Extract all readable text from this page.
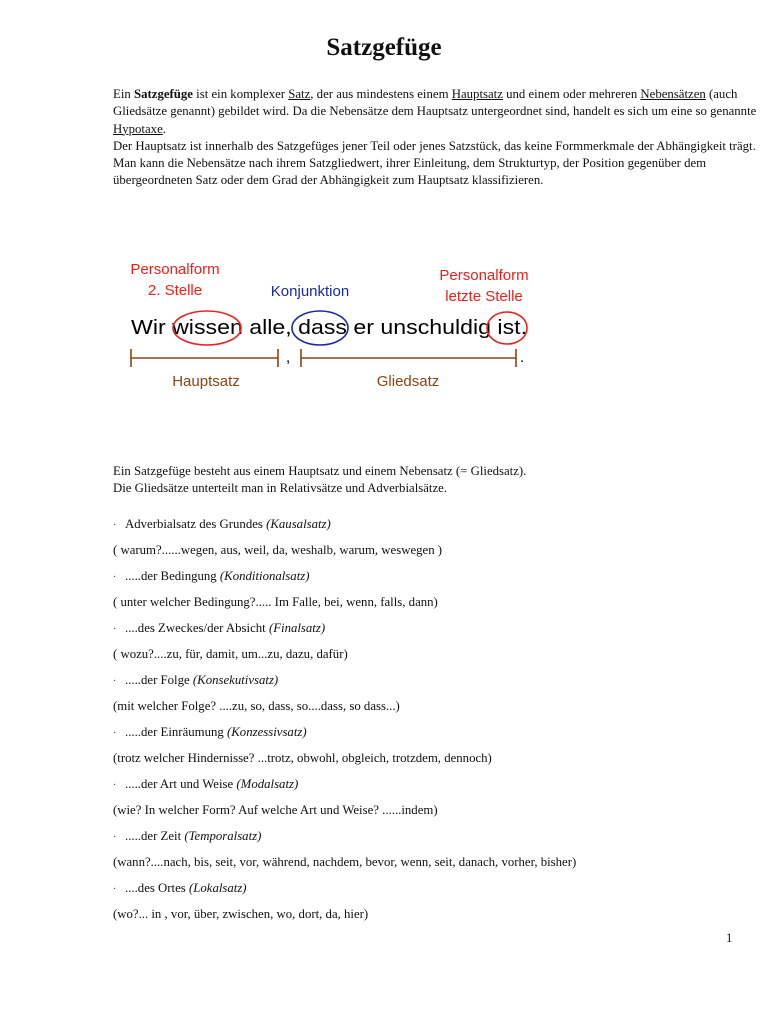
Satzgefüge

Ein Satzgefüge ist ein komplexer Satz, der aus mindestens einem Hauptsatz und einem oder mehreren Nebensätzen (auch Gliedsätze genannt) gebildet wird. Da die Nebensätze dem Hauptsatz untergeordnet sind, handelt es sich um eine so genannte Hypotaxe.

Der Hauptsatz ist innerhalb des Satzgefüges jener Teil oder jenes Satzstück, das keine Formmerkmale der Abhängigkeit trägt. Man kann die Nebensätze nach ihrem Satzgliedwert, ihrer Einleitung, dem Strukturtyp, der Position gegenüber dem übergeordneten Satz oder dem Grad der Abhängigkeit zum Hauptsatz klassifizieren.

Personalform
2. Stelle	Konjunktion
Personalform
letzte Stelle
Wir wissen alle, dass er unschuldig ist.
,	.
Hauptsatz	Gliedsatz

Ein Satzgefüge besteht aus einem Hauptsatz und einem Nebensatz (= Gliedsatz).

Die Gliedsätze unterteilt man in Relativsätze und Adverbialsätze.

· Adverbialsatz des Grundes (Kausalsatz)
( warum?......wegen, aus, weil, da, weshalb, warum, weswegen )
· .....der Bedingung (Konditionalsatz)
( unter welcher Bedingung?..... Im Falle, bei, wenn, falls, dann)
· ....des Zweckes/der Absicht (Finalsatz)
( wozu?....zu, für, damit, um...zu, dazu, dafür)
· .....der Folge (Konsekutivsatz)
(mit welcher Folge? ....zu, so, dass, so....dass, so dass...)
· .....der Einräumung (Konzessivsatz)
(trotz welcher Hindernisse? ...trotz, obwohl, obgleich, trotzdem, dennoch)
· .....der Art und Weise (Modalsatz)
(wie? In welcher Form? Auf welche Art und Weise? ......indem)
· .....der Zeit (Temporalsatz)
(wann?....nach, bis, seit, vor, während, nachdem, bevor, wenn, seit, danach, vorher, bisher)
· ....des Ortes (Lokalsatz)
(wo?... in , vor, über, zwischen, wo, dort, da, hier)
1
